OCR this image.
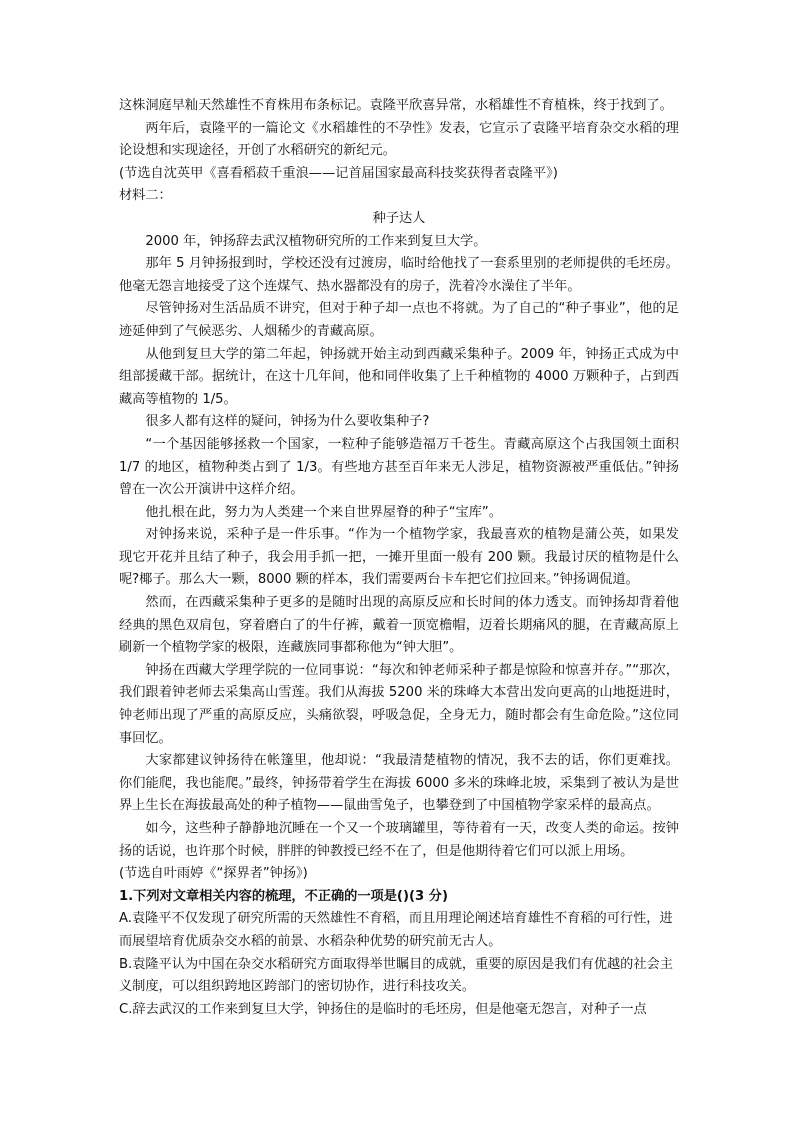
这株洞庭早籼天然雄性不育株用布条标记。袁隆平欣喜异常，水稻雄性不育植株，终于找到了。

两年后，袁隆平的一篇论文《水稻雄性的不孕性》发表，它宣示了袁隆平培育杂交水稻的理论设想和实现途径，开创了水稻研究的新纪元。

(节选自沈英甲《喜看稻菽千重浪——记首届国家最高科技奖获得者袁隆平》)

材料二：

种子达人

2000 年，钟扬辞去武汉植物研究所的工作来到复旦大学。

那年 5 月钟扬报到时，学校还没有过渡房，临时给他找了一套系里别的老师提供的毛坯房。他毫无怨言地接受了这个连煤气、热水器都没有的房子，洗着冷水澡住了半年。

尽管钟扬对生活品质不讲究，但对于种子却一点也不将就。为了自己的“种子事业”，他的足迹延伸到了气候恶劣、人烟稀少的青藏高原。

从他到复旦大学的第二年起，钟扬就开始主动到西藏采集种子。2009 年，钟扬正式成为中组部援藏干部。据统计，在这十几年间，他和同伴收集了上千种植物的 4000 万颗种子，占到西藏高等植物的 1/5。

很多人都有这样的疑问，钟扬为什么要收集种子?

“一个基因能够拯救一个国家，一粒种子能够造福万千苍生。青藏高原这个占我国领土面积 1/7 的地区，植物种类占到了 1/3。有些地方甚至百年来无人涉足，植物资源被严重低估。”钟扬曾在一次公开演讲中这样介绍。

他扎根在此，努力为人类建一个来自世界屋脊的种子“宝库”。

对钟扬来说，采种子是一件乐事。“作为一个植物学家，我最喜欢的植物是蒲公英，如果发现它开花并且结了种子，我会用手抓一把，一摊开里面一般有 200 颗。我最讨厌的植物是什么呢?椰子。那么大一颗，8000 颗的样本，我们需要两台卡车把它们拉回来。”钟扬调侃道。

然而，在西藏采集种子更多的是随时出现的高原反应和长时间的体力透支。而钟扬却背着他经典的黑色双肩包，穿着磨白了的牛仔裤，戴着一顶宽檐帽，迈着长期痛风的腿，在青藏高原上刷新一个植物学家的极限，连藏族同事都称他为“钟大胆”。

钟扬在西藏大学理学院的一位同事说：“每次和钟老师采种子都是惊险和惊喜并存。”“那次，我们跟着钟老师去采集高山雪莲。我们从海拔 5200 米的珠峰大本营出发向更高的山地挺进时，钟老师出现了严重的高原反应，头痛欲裂，呼吸急促，全身无力，随时都会有生命危险。”这位同事回忆。

大家都建议钟扬待在帐篷里，他却说：“我最清楚植物的情况，我不去的话，你们更难找。你们能爬，我也能爬。”最终，钟扬带着学生在海拔 6000 多米的珠峰北坡，采集到了被认为是世界上生长在海拔最高处的种子植物——鼠曲雪兔子，也攀登到了中国植物学家采样的最高点。

如今，这些种子静静地沉睡在一个又一个玻璃罐里，等待着有一天，改变人类的命运。按钟扬的话说，也许那个时候，胖胖的钟教授已经不在了，但是他期待着它们可以派上用场。

(节选自叶雨婷《“探界者”钟扬》)

1.下列对文章相关内容的梳理，不正确的一项是()(3 分)

A.袁隆平不仅发现了研究所需的天然雄性不育稻，而且用理论阐述培育雄性不育稻的可行性，进而展望培育优质杂交水稻的前景、水稻杂种优势的研究前无古人。

B.袁隆平认为中国在杂交水稻研究方面取得举世瞩目的成就，重要的原因是我们有优越的社会主义制度，可以组织跨地区跨部门的密切协作，进行科技攻关。

C.辞去武汉的工作来到复旦大学，钟扬住的是临时的毛坯房，但是他毫无怨言，对种子一点
